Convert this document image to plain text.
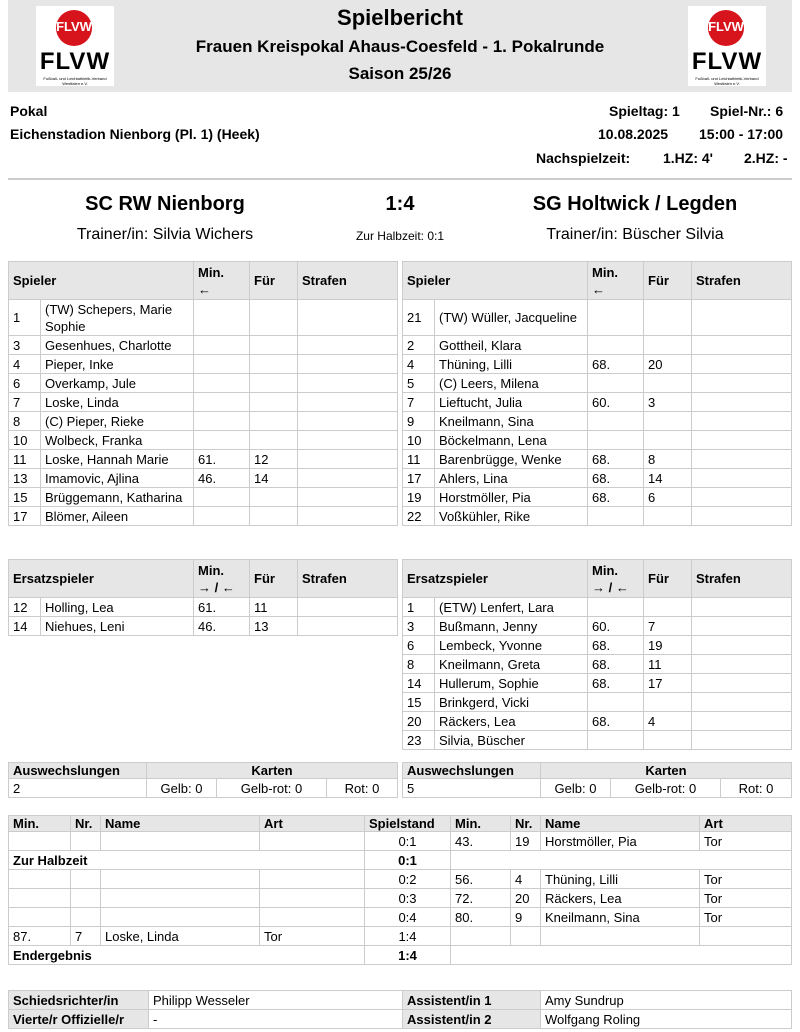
FLVW
FLVW
Fußball- und Leichtathletik-Verband Westfalen e.V.
FLVW
FLVW
Fußball- und Leichtathletik-Verband Westfalen e.V.
Spielbericht
Frauen Kreispokal Ahaus-Coesfeld - 1. Pokalrunde
Saison 25/26
Pokal
Eichenstadion Nienborg (Pl. 1) (Heek)
Spieltag: 1 Spiel-Nr.: 6
10.08.2025 15:00 - 17:00
Nachspielzeit: 1.HZ: 4' 2.HZ: -
SC RW Nienborg	1:4	SG Holtwick / Legden
Trainer/in: Silvia Wichers	Zur Halbzeit: 0:1	Trainer/in: Büscher Silvia
Spieler		Min.
←	Für	Strafen
1	(TW) Schepers, Marie Sophie			
3	Gesenhues, Charlotte			
4	Pieper, Inke			
6	Overkamp, Jule			
7	Loske, Linda			
8	(C) Pieper, Rieke			
10	Wolbeck, Franka			
11	Loske, Hannah Marie	61.	12	
13	Imamovic, Ajlina	46.	14	
15	Brüggemann, Katharina			
17	Blömer, Aileen			
Spieler		Min.
←	Für	Strafen
21	(TW) Wüller, Jacqueline			
2	Gottheil, Klara			
4	Thüning, Lilli	68.	20	
5	(C) Leers, Milena			
7	Lieftucht, Julia	60.	3	
9	Kneilmann, Sina			
10	Böckelmann, Lena			
11	Barenbrügge, Wenke	68.	8	
17	Ahlers, Lina	68.	14	
19	Horstmöller, Pia	68.	6	
22	Voßkühler, Rike			
Ersatzspieler		Min.
→ / ←	Für	Strafen
12	Holling, Lea	61.	11	
14	Niehues, Leni	46.	13	
Ersatzspieler		Min.
→ / ←	Für	Strafen
1	(ETW) Lenfert, Lara			
3	Bußmann, Jenny	60.	7	
6	Lembeck, Yvonne	68.	19	
8	Kneilmann, Greta	68.	11	
14	Hullerum, Sophie	68.	17	
15	Brinkgerd, Vicki			
20	Räckers, Lea	68.	4	
23	Silvia, Büscher			
Auswechslungen	Karten		
2	Gelb: 0	Gelb-rot: 0	Rot: 0
Auswechslungen	Karten		
5	Gelb: 0	Gelb-rot: 0	Rot: 0
Min.	Nr.	Name	Art	Spielstand	Min.	Nr.	Name	Art
				0:1	43.	19	Horstmöller, Pia	Tor
Zur Halbzeit				0:1				
				0:2	56.	4	Thüning, Lilli	Tor
				0:3	72.	20	Räckers, Lea	Tor
				0:4	80.	9	Kneilmann, Sina	Tor
87.	7	Loske, Linda	Tor	1:4				
Endergebnis				1:4				
Schiedsrichter/in	Philipp Wesseler	Assistent/in 1	Amy Sundrup
Vierte/r Offizielle/r	-	Assistent/in 2	Wolfgang Roling
